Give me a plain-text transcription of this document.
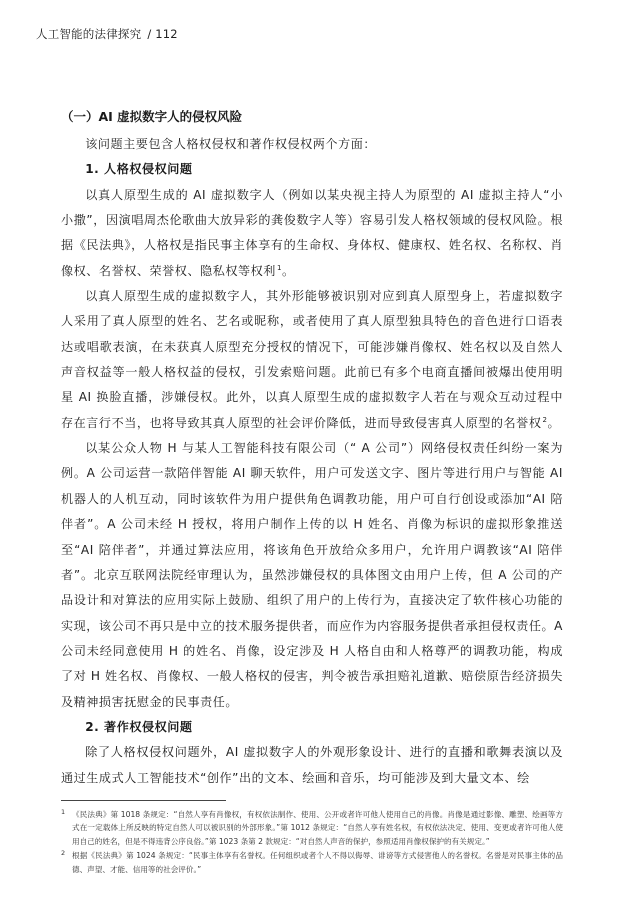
人工智能的法律探究 / 112
（一）AI 虚拟数字人的侵权风险

该问题主要包含人格权侵权和著作权侵权两个方面：

1. 人格权侵权问题

以真人原型生成的 AI 虚拟数字人（例如以某央视主持人为原型的 AI 虚拟主持人“小小撒”，因演唱周杰伦歌曲大放异彩的龚俊数字人等）容易引发人格权领域的侵权风险。根据《民法典》，人格权是指民事主体享有的生命权、身体权、健康权、姓名权、名称权、肖像权、名誉权、荣誉权、隐私权等权利$^1$。

以真人原型生成的虚拟数字人，其外形能够被识别对应到真人原型身上，若虚拟数字人采用了真人原型的姓名、艺名或昵称，或者使用了真人原型独具特色的音色进行口语表达或唱歌表演，在未获真人原型充分授权的情况下，可能涉嫌肖像权、姓名权以及自然人声音权益等一般人格权益的侵权，引发索赔问题。此前已有多个电商直播间被爆出使用明星 AI 换脸直播，涉嫌侵权。此外，以真人原型生成的虚拟数字人若在与观众互动过程中存在言行不当，也将导致其真人原型的社会评价降低，进而导致侵害真人原型的名誉权$^2$。

以某公众人物 H 与某人工智能科技有限公司（“ A 公司”）网络侵权责任纠纷一案为例。A 公司运营一款陪伴智能 AI 聊天软件，用户可发送文字、图片等进行用户与智能 AI 机器人的人机互动，同时该软件为用户提供角色调教功能，用户可自行创设或添加“AI 陪伴者”。A 公司未经 H 授权，将用户制作上传的以 H 姓名、肖像为标识的虚拟形象推送至“AI 陪伴者”，并通过算法应用，将该角色开放给众多用户，允许用户调教该“AI 陪伴者”。北京互联网法院经审理认为，虽然涉嫌侵权的具体图文由用户上传，但 A 公司的产品设计和对算法的应用实际上鼓励、组织了用户的上传行为，直接决定了软件核心功能的实现，该公司不再只是中立的技术服务提供者，而应作为内容服务提供者承担侵权责任。A 公司未经同意使用 H 的姓名、肖像，设定涉及 H 人格自由和人格尊严的调教功能，构成了对 H 姓名权、肖像权、一般人格权的侵害，判令被告承担赔礼道歉、赔偿原告经济损失及精神损害抚慰金的民事责任。

2. 著作权侵权问题

除了人格权侵权问题外，AI 虚拟数字人的外观形象设计、进行的直播和歌舞表演以及通过生成式人工智能技术“创作”出的文本、绘画和音乐，均可能涉及到大量文本、绘

1 《民法典》第 1018 条规定：“自然人享有肖像权，有权依法制作、使用、公开或者许可他人使用自己的肖像。肖像是通过影像、雕塑、绘画等方式在一定载体上所反映的特定自然人可以被识别的外部形象。”第 1012 条规定：“自然人享有姓名权，有权依法决定、使用、变更或者许可他人使用自己的姓名，但是不得违背公序良俗。”第 1023 条第 2 款规定：“对自然人声音的保护，参照适用肖像权保护的有关规定。”
2 根据《民法典》第 1024 条规定：“民事主体享有名誉权。任何组织或者个人不得以侮辱、诽谤等方式侵害他人的名誉权。名誉是对民事主体的品德、声望、才能、信用等的社会评价。”
